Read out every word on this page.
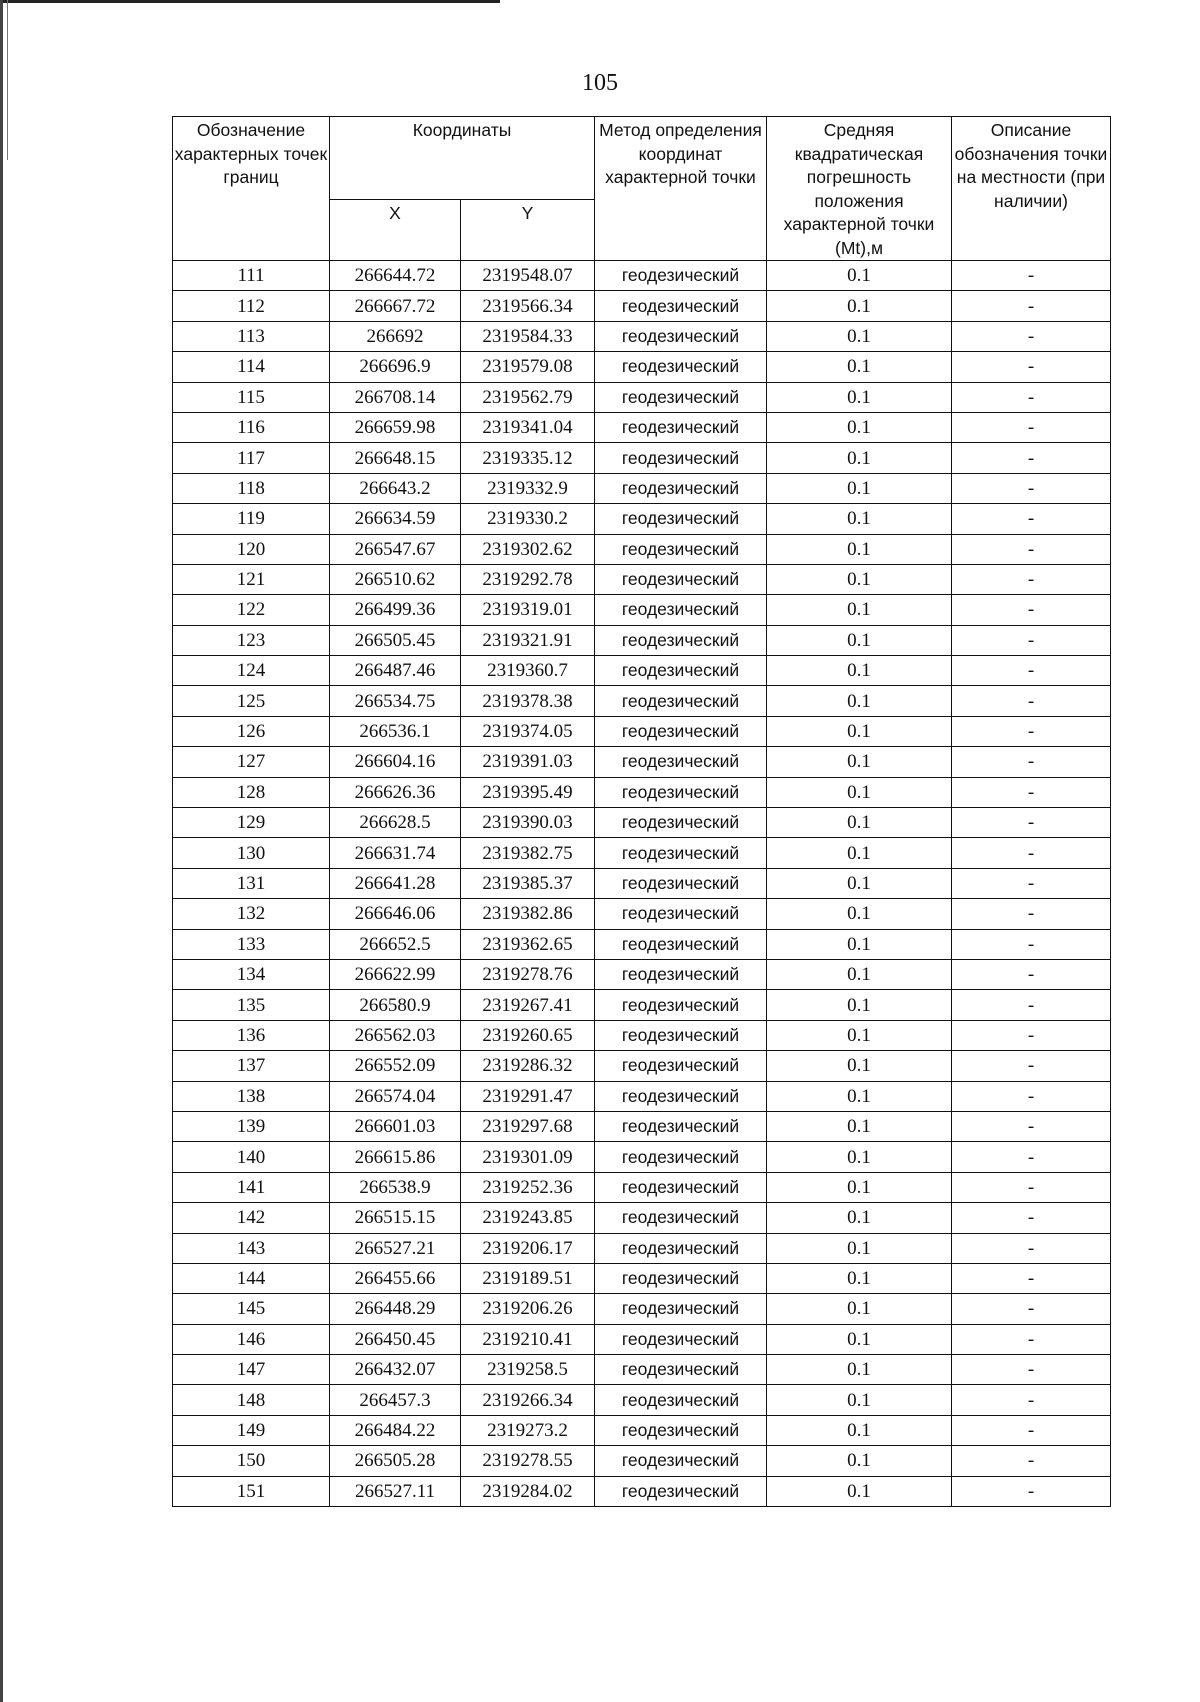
105
Обозначение характерных точек границ	Координаты		Метод определения координат характерной точки	Средняя квадратическая погрешность положения характерной точки (Mt),м	Описание обозначения точки на местности (при наличии)
	X	Y			
111	266644.72	2319548.07	геодезический	0.1	-
112	266667.72	2319566.34	геодезический	0.1	-
113	266692	2319584.33	геодезический	0.1	-
114	266696.9	2319579.08	геодезический	0.1	-
115	266708.14	2319562.79	геодезический	0.1	-
116	266659.98	2319341.04	геодезический	0.1	-
117	266648.15	2319335.12	геодезический	0.1	-
118	266643.2	2319332.9	геодезический	0.1	-
119	266634.59	2319330.2	геодезический	0.1	-
120	266547.67	2319302.62	геодезический	0.1	-
121	266510.62	2319292.78	геодезический	0.1	-
122	266499.36	2319319.01	геодезический	0.1	-
123	266505.45	2319321.91	геодезический	0.1	-
124	266487.46	2319360.7	геодезический	0.1	-
125	266534.75	2319378.38	геодезический	0.1	-
126	266536.1	2319374.05	геодезический	0.1	-
127	266604.16	2319391.03	геодезический	0.1	-
128	266626.36	2319395.49	геодезический	0.1	-
129	266628.5	2319390.03	геодезический	0.1	-
130	266631.74	2319382.75	геодезический	0.1	-
131	266641.28	2319385.37	геодезический	0.1	-
132	266646.06	2319382.86	геодезический	0.1	-
133	266652.5	2319362.65	геодезический	0.1	-
134	266622.99	2319278.76	геодезический	0.1	-
135	266580.9	2319267.41	геодезический	0.1	-
136	266562.03	2319260.65	геодезический	0.1	-
137	266552.09	2319286.32	геодезический	0.1	-
138	266574.04	2319291.47	геодезический	0.1	-
139	266601.03	2319297.68	геодезический	0.1	-
140	266615.86	2319301.09	геодезический	0.1	-
141	266538.9	2319252.36	геодезический	0.1	-
142	266515.15	2319243.85	геодезический	0.1	-
143	266527.21	2319206.17	геодезический	0.1	-
144	266455.66	2319189.51	геодезический	0.1	-
145	266448.29	2319206.26	геодезический	0.1	-
146	266450.45	2319210.41	геодезический	0.1	-
147	266432.07	2319258.5	геодезический	0.1	-
148	266457.3	2319266.34	геодезический	0.1	-
149	266484.22	2319273.2	геодезический	0.1	-
150	266505.28	2319278.55	геодезический	0.1	-
151	266527.11	2319284.02	геодезический	0.1	-
